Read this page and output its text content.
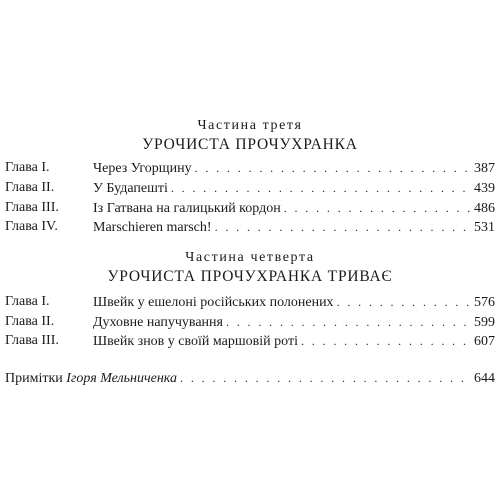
Частина третя
УРОЧИСТА ПРОЧУХРАНКА
Глава I.	Через Угорщину . . .	387
Глава II.	У Будапешті . . .	439
Глава III. Із Гатвана на галицький кордон . . .	486
Глава IV.	Marschieren marsch! . . .	531
Частина четверта
УРОЧИСТА ПРОЧУХРАНКА ТРИВАЄ
Глава I.	Швейк у ешелоні російських полонених . . .	576
Глава II.	Духовне напучування . . .	599
Глава III. Швейк знов у своїй маршовій роті . . .	607
Примітки Ігоря Мельниченка . . .	644
